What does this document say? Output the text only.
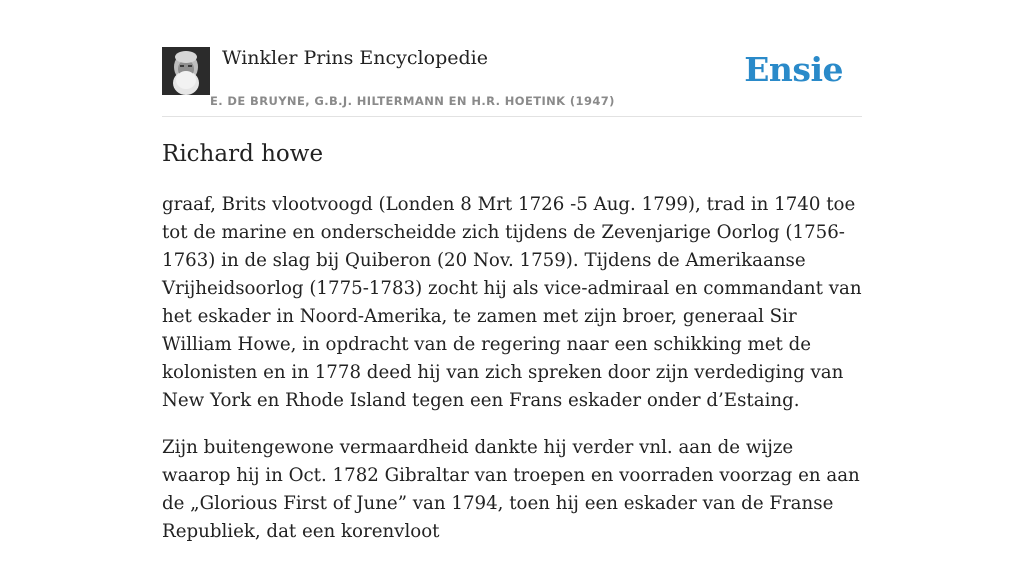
Winkler Prins Encyclopedie
E. DE BRUYNE, G.B.J. HILTERMANN EN H.R. HOETINK (1947)
Ensie
Richard howe

graaf, Brits vlootvoogd (Londen 8 Mrt 1726 -5 Aug. 1799), trad in 1740 toe tot de marine en onderscheidde zich tijdens de Zevenjarige Oorlog (1756-1763) in de slag bij Quiberon (20 Nov. 1759). Tijdens de Amerikaanse Vrijheidsoorlog (1775-1783) zocht hij als vice-admiraal en commandant van het eskader in Noord-Amerika, te zamen met zijn broer, generaal Sir William Howe, in opdracht van de regering naar een schikking met de kolonisten en in 1778 deed hij van zich spreken door zijn verdediging van New York en Rhode Island tegen een Frans eskader onder d’Estaing.

Zijn buitengewone vermaardheid dankte hij verder vnl. aan de wijze waarop hij in Oct. 1782 Gibraltar van troepen en voorraden voorzag en aan de „Glorious First of June” van 1794, toen hij een eskader van de Franse Republiek, dat een korenvloot
